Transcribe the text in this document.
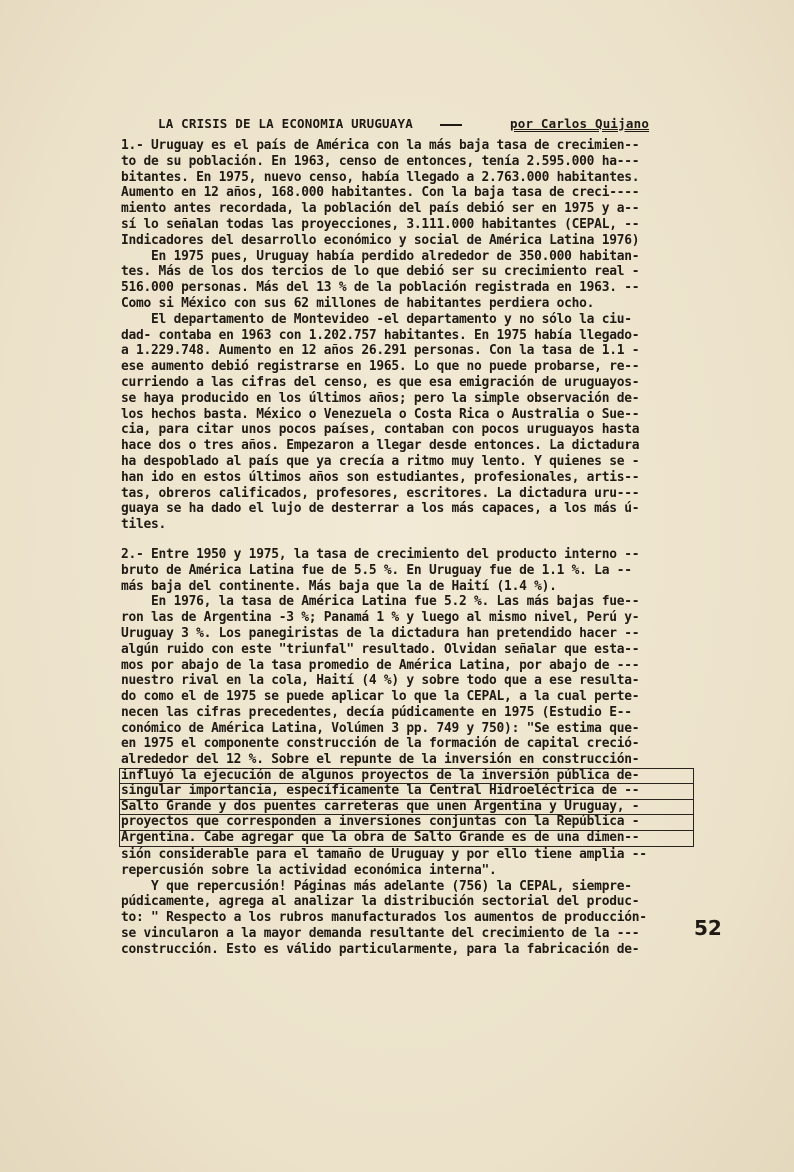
LA CRISIS DE LA ECONOMIA URUGUAYA	por Carlos Quijano
1.- Uruguay es el país de América con la más baja tasa de crecimien--
to de su población. En 1963, censo de entonces, tenía 2.595.000 ha---
bitantes. En 1975, nuevo censo, había llegado a 2.763.000 habitantes.
Aumento en 12 años, 168.000 habitantes. Con la baja tasa de creci----
miento antes recordada, la población del país debió ser en 1975 y a--
sí lo señalan todas las proyecciones, 3.111.000 habitantes (CEPAL, --
Indicadores del desarrollo económico y social de América Latina 1976)
En 1975 pues, Uruguay había perdido alrededor de 350.000 habitan-
tes. Más de los dos tercios de lo que debió ser su crecimiento real -
516.000 personas. Más del 13 % de la población registrada en 1963. --
Como si México con sus 62 millones de habitantes perdiera ocho.
El departamento de Montevideo -el departamento y no sólo la ciu-
dad- contaba en 1963 con 1.202.757 habitantes. En 1975 había llegado-
a 1.229.748. Aumento en 12 años 26.291 personas. Con la tasa de 1.1 -
ese aumento debió registrarse en 1965. Lo que no puede probarse, re--
curriendo a las cifras del censo, es que esa emigración de uruguayos-
se haya producido en los últimos años; pero la simple observación de-
los hechos basta. México o Venezuela o Costa Rica o Australia o Sue--
cia, para citar unos pocos países, contaban con pocos uruguayos hasta
hace dos o tres años. Empezaron a llegar desde entonces. La dictadura
ha despoblado al país que ya crecía a ritmo muy lento. Y quienes se -
han ido en estos últimos años son estudiantes, profesionales, artis--
tas, obreros calificados, profesores, escritores. La dictadura uru---
guaya se ha dado el lujo de desterrar a los más capaces, a los más ú-
tiles.
2.- Entre 1950 y 1975, la tasa de crecimiento del producto interno --
bruto de América Latina fue de 5.5 %. En Uruguay fue de 1.1 %. La --
más baja del continente. Más baja que la de Haití (1.4 %).
En 1976, la tasa de América Latina fue 5.2 %. Las más bajas fue--
ron las de Argentina -3 %; Panamá 1 % y luego al mismo nivel, Perú y-
Uruguay 3 %. Los panegiristas de la dictadura han pretendido hacer --
algún ruido con este "triunfal" resultado. Olvidan señalar que esta--
mos por abajo de la tasa promedio de América Latina, por abajo de ---
nuestro rival en la cola, Haití (4 %) y sobre todo que a ese resulta-
do como el de 1975 se puede aplicar lo que la CEPAL, a la cual perte-
necen las cifras precedentes, decía púdicamente en 1975 (Estudio E--
conómico de América Latina, Volúmen 3 pp. 749 y 750): "Se estima que-
en 1975 el componente construcción de la formación de capital creció-
alrededor del 12 %. Sobre el repunte de la inversión en construcción-
influyó la ejecución de algunos proyectos de la inversión pública de-
singular importancia, específicamente la Central Hidroeléctrica de --
Salto Grande y dos puentes carreteras que unen Argentina y Uruguay, -
proyectos que corresponden a inversiones conjuntas con la República -
Argentina. Cabe agregar que la obra de Salto Grande es de una dimen--
sión considerable para el tamaño de Uruguay y por ello tiene amplia --
repercusión sobre la actividad económica interna".
Y que repercusión! Páginas más adelante (756) la CEPAL, siempre-
púdicamente, agrega al analizar la distribución sectorial del produc-
to: " Respecto a los rubros manufacturados los aumentos de producción-
se vincularon a la mayor demanda resultante del crecimiento de la ---
construcción. Esto es válido particularmente, para la fabricación de-
52
